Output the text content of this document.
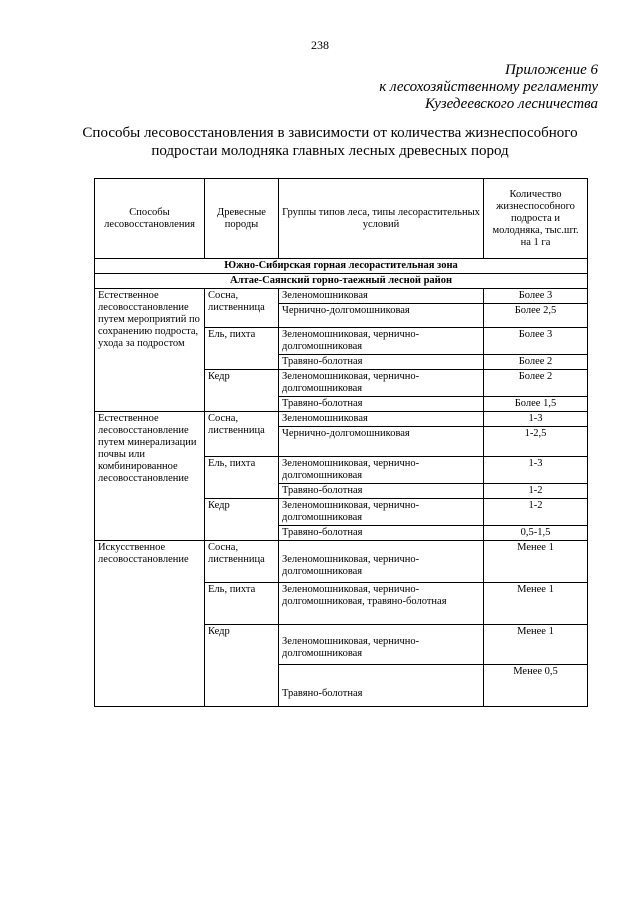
238
Приложение 6
к лесохозяйственному регламенту
Кузедеевского лесничества
Способы лесовосстановления в зависимости от количества жизнеспособного
подростаи молодняка главных лесных древесных пород
Способы лесовосстановления	Древесные породы	Группы типов леса, типы лесорастительных условий	Количество жизнеспособного подроста и молодняка, тыс.шт. на 1 га
Южно-Сибирская горная лесорастительная зона			
Алтае-Саянский горно-таежный лесной район			
Естественное лесовосстановление путем мероприятий по сохранению подроста, ухода за подростом	Сосна, лиственница	Зеленомошниковая	Более 3
		Чернично-долгомошниковая	Более 2,5
	Ель, пихта	Зеленомошниковая, чернично-долгомошниковая	Более 3
		Травяно-болотная	Более 2
	Кедр	Зеленомошниковая, чернично-долгомошниковая	Более 2
		Травяно-болотная	Более 1,5
Естественное лесовосстановление путем минерализации почвы или комбинированное лесовосстановление	Сосна, лиственница	Зеленомошниковая	1-3
		Чернично-долгомошниковая	1-2,5
	Ель, пихта	Зеленомошниковая, чернично-долгомошниковая	1-3
		Травяно-болотная	1-2
	Кедр	Зеленомошниковая, чернично-долгомошниковая	1-2
		Травяно-болотная	0,5-1,5
Искусственное лесовосстановление	Сосна, лиственница	Зеленомошниковая, чернично-долгомошниковая	Менее 1
	Ель, пихта	Зеленомошниковая, чернично-долгомошниковая, травяно-болотная	Менее 1
	Кедр	Зеленомошниковая, чернично-долгомошниковая	Менее 1
		Травяно-болотная	Менее 0,5
